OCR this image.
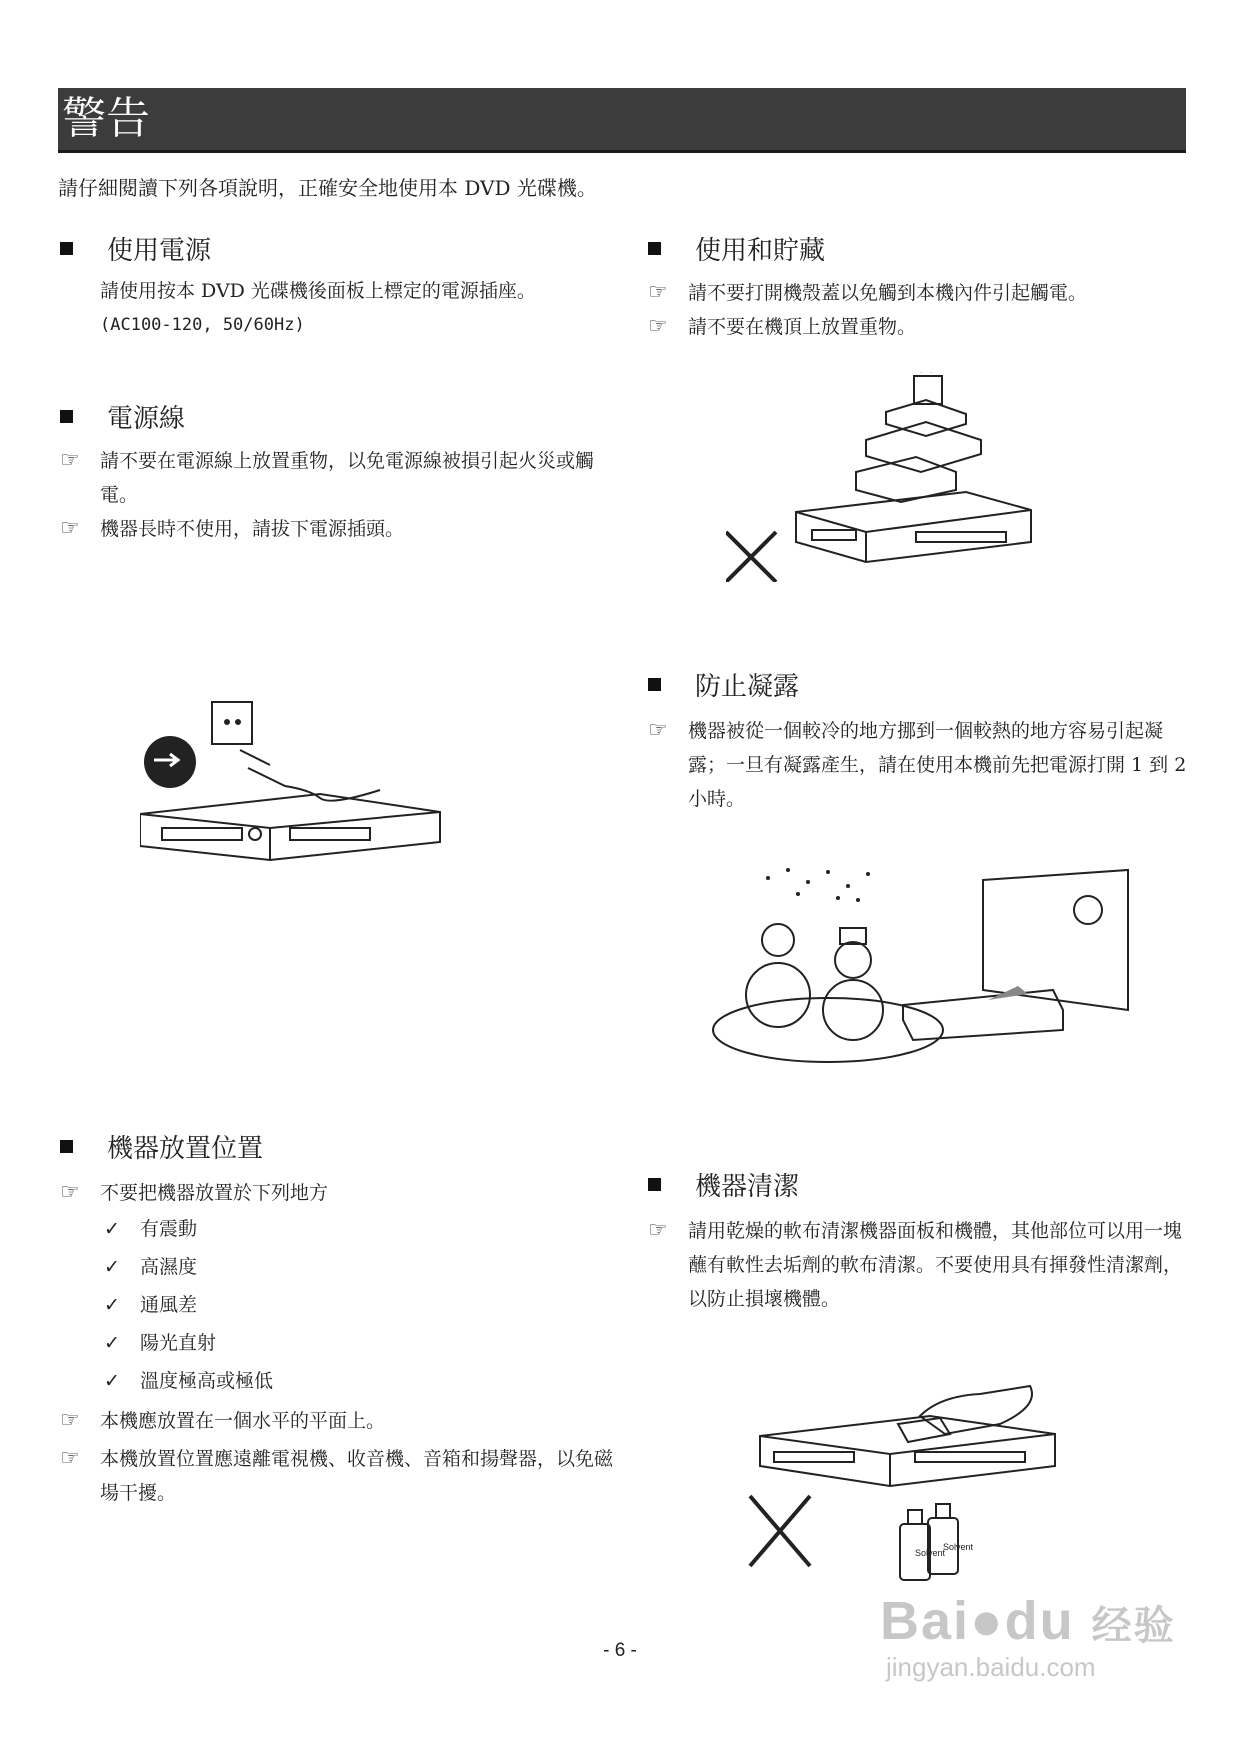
警告
請仔細閱讀下列各項說明，正確安全地使用本 DVD 光碟機。
使用電源
請使用按本 DVD 光碟機後面板上標定的電源插座。
(AC100-120, 50/60Hz)
電源線
☞ 請不要在電源線上放置重物，以免電源線被損引起火災或觸電。
☞ 機器長時不使用，請拔下電源插頭。
機器放置位置
☞ 不要把機器放置於下列地方
✓ 有震動
✓ 高濕度
✓ 通風差
✓ 陽光直射
✓ 溫度極高或極低
☞ 本機應放置在一個水平的平面上。
☞ 本機放置位置應遠離電視機、收音機、音箱和揚聲器，以免磁場干擾。
使用和貯藏
☞ 請不要打開機殼蓋以免觸到本機內件引起觸電。
☞ 請不要在機頂上放置重物。
防止凝露
☞ 機器被從一個較冷的地方挪到一個較熱的地方容易引起凝露；一旦有凝露產生，請在使用本機前先把電源打開 1 到 2 小時。
機器清潔
☞ 請用乾燥的軟布清潔機器面板和機體，其他部位可以用一塊蘸有軟性去垢劑的軟布清潔。不要使用具有揮發性清潔劑，以防止損壞機體。
Solvent
Solvent
- 6 -	Bai●du 经验
jingyan.baidu.com
